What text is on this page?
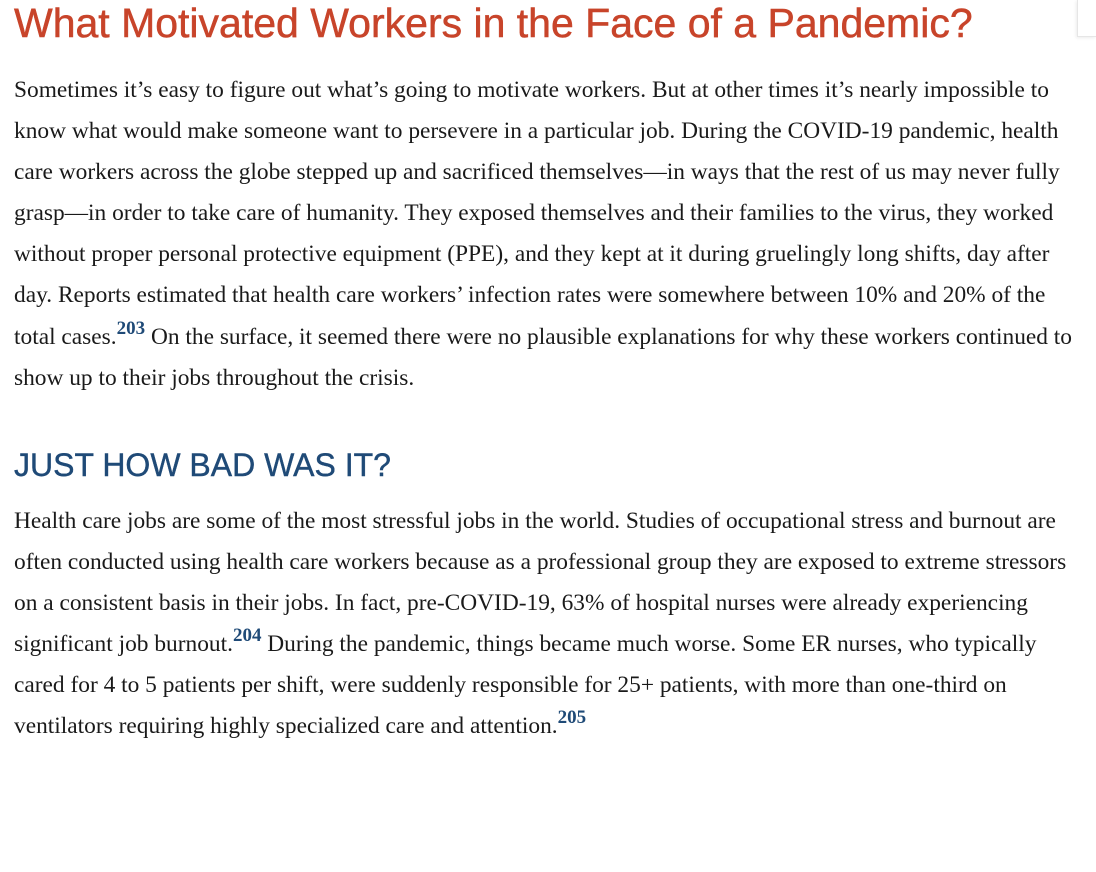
What Motivated Workers in the Face of a Pandemic?

Sometimes it’s easy to figure out what’s going to motivate workers. But at other times it’s nearly impossible to know what would make someone want to persevere in a particular job. During the COVID-19 pandemic, health care workers across the globe stepped up and sacrificed themselves—in ways that the rest of us may never fully grasp—in order to take care of humanity. They exposed themselves and their families to the virus, they worked without proper personal protective equipment (PPE), and they kept at it during gruelingly long shifts, day after day. Reports estimated that health care workers’ infection rates were somewhere between 10% and 20% of the total cases.$^{203}$ On the surface, it seemed there were no plausible explanations for why these workers continued to show up to their jobs throughout the crisis.

JUST HOW BAD WAS IT?

Health care jobs are some of the most stressful jobs in the world. Studies of occupational stress and burnout are often conducted using health care workers because as a professional group they are exposed to extreme stressors on a consistent basis in their jobs. In fact, pre-COVID-19, 63% of hospital nurses were already experiencing significant job burnout.$^{204}$ During the pandemic, things became much worse. Some ER nurses, who typically cared for 4 to 5 patients per shift, were suddenly responsible for 25+ patients, with more than one-third on ventilators requiring highly specialized care and attention.$^{205}$
